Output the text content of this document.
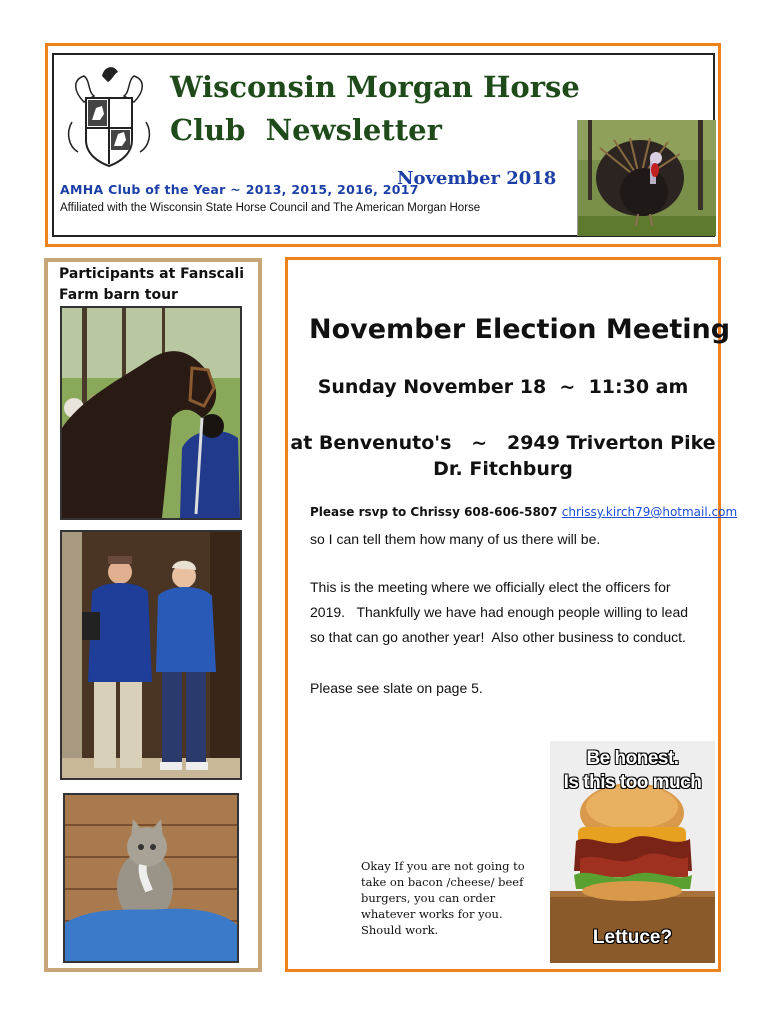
Wisconsin Morgan Horse
Club  Newsletter
November 2018
AMHA Club of the Year ~ 2013, 2015, 2016, 2017
Affiliated with the Wisconsin State Horse Council and The American Morgan Horse
Participants at Fanscali Farm barn tour
November Election Meeting
Sunday November 18  ~  11:30 am
at Benvenuto's   ~   2949 Triverton Pike
Dr. Fitchburg
Please rsvp to Chrissy 608-606-5807 chrissy.kirch79@hotmail.com

so I can tell them how many of us there will be.

This is the meeting where we officially elect the officers for 2019.   Thankfully we have had enough people willing to lead so that can go another year!  Also other business to conduct.

Please see slate on page 5.

Okay If you are not going to take on bacon /cheese/ beef burgers, you can order whatever works for you. Should work.
Be honest.
Is this too much
Lettuce?
